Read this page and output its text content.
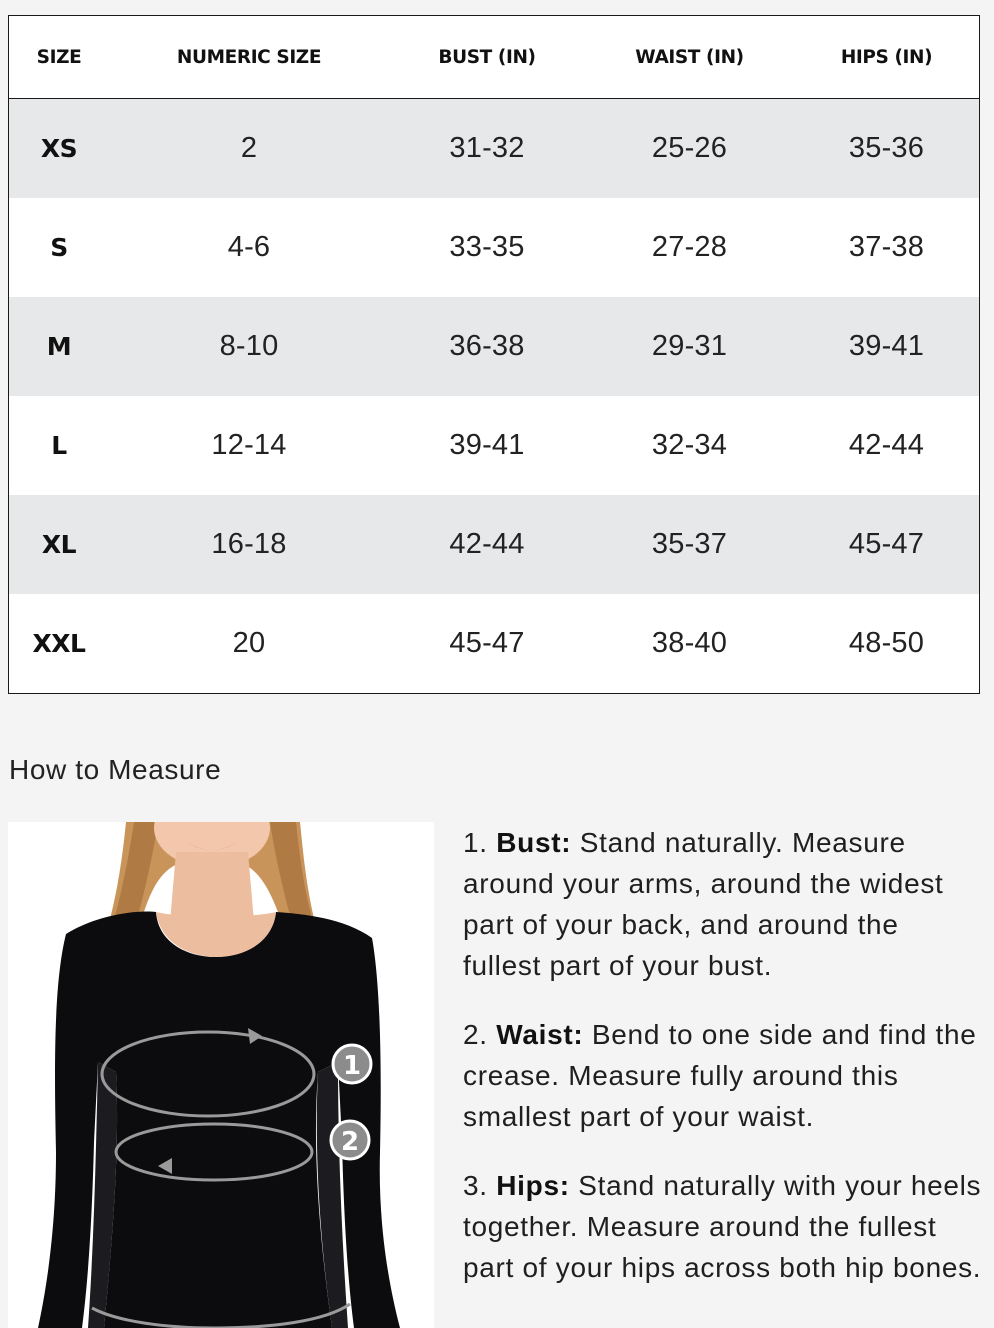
SIZE	NUMERIC SIZE	BUST (IN)	WAIST (IN)	HIPS (IN)
XS	2	31-32	25-26	35-36
S	4-6	33-35	27-28	37-38
M	8-10	36-38	29-31	39-41
L	12-14	39-41	32-34	42-44
XL	16-18	42-44	35-37	45-47
XXL	20	45-47	38-40	48-50
How to Measure
1
2

1. Bust: Stand naturally. Measure around your arms, around the widest part of your back, and around the fullest part of your bust.

2. Waist: Bend to one side and find the crease. Measure fully around this smallest part of your waist.

3. Hips: Stand naturally with your heels together. Measure around the fullest part of your hips across both hip bones.
